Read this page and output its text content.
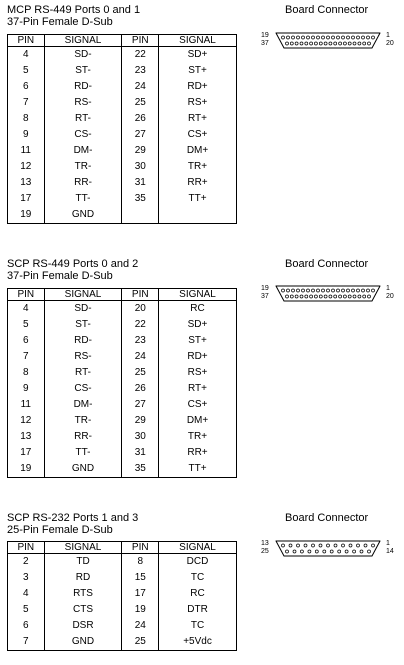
MCP RS-449 Ports 0 and 1
37-Pin Female D-Sub
Board Connector
19
37
1
20
PIN	SIGNAL	PIN	SIGNAL
4	SD-	22	SD+
5	ST-	23	ST+
6	RD-	24	RD+
7	RS-	25	RS+
8	RT-	26	RT+
9	CS-	27	CS+
11	DM-	29	DM+
12	TR-	30	TR+
13	RR-	31	RR+
17	TT-	35	TT+
19	GND		
SCP RS-449 Ports 0 and 2
37-Pin Female D-Sub
Board Connector
19
37
1
20
PIN	SIGNAL	PIN	SIGNAL
4	SD-	20	RC
5	ST-	22	SD+
6	RD-	23	ST+
7	RS-	24	RD+
8	RT-	25	RS+
9	CS-	26	RT+
11	DM-	27	CS+
12	TR-	29	DM+
13	RR-	30	TR+
17	TT-	31	RR+
19	GND	35	TT+
SCP RS-232 Ports 1 and 3
25-Pin Female D-Sub
Board Connector
13
25
1
14
PIN	SIGNAL	PIN	SIGNAL
2	TD	8	DCD
3	RD	15	TC
4	RTS	17	RC
5	CTS	19	DTR
6	DSR	24	TC
7	GND	25	+5Vdc
